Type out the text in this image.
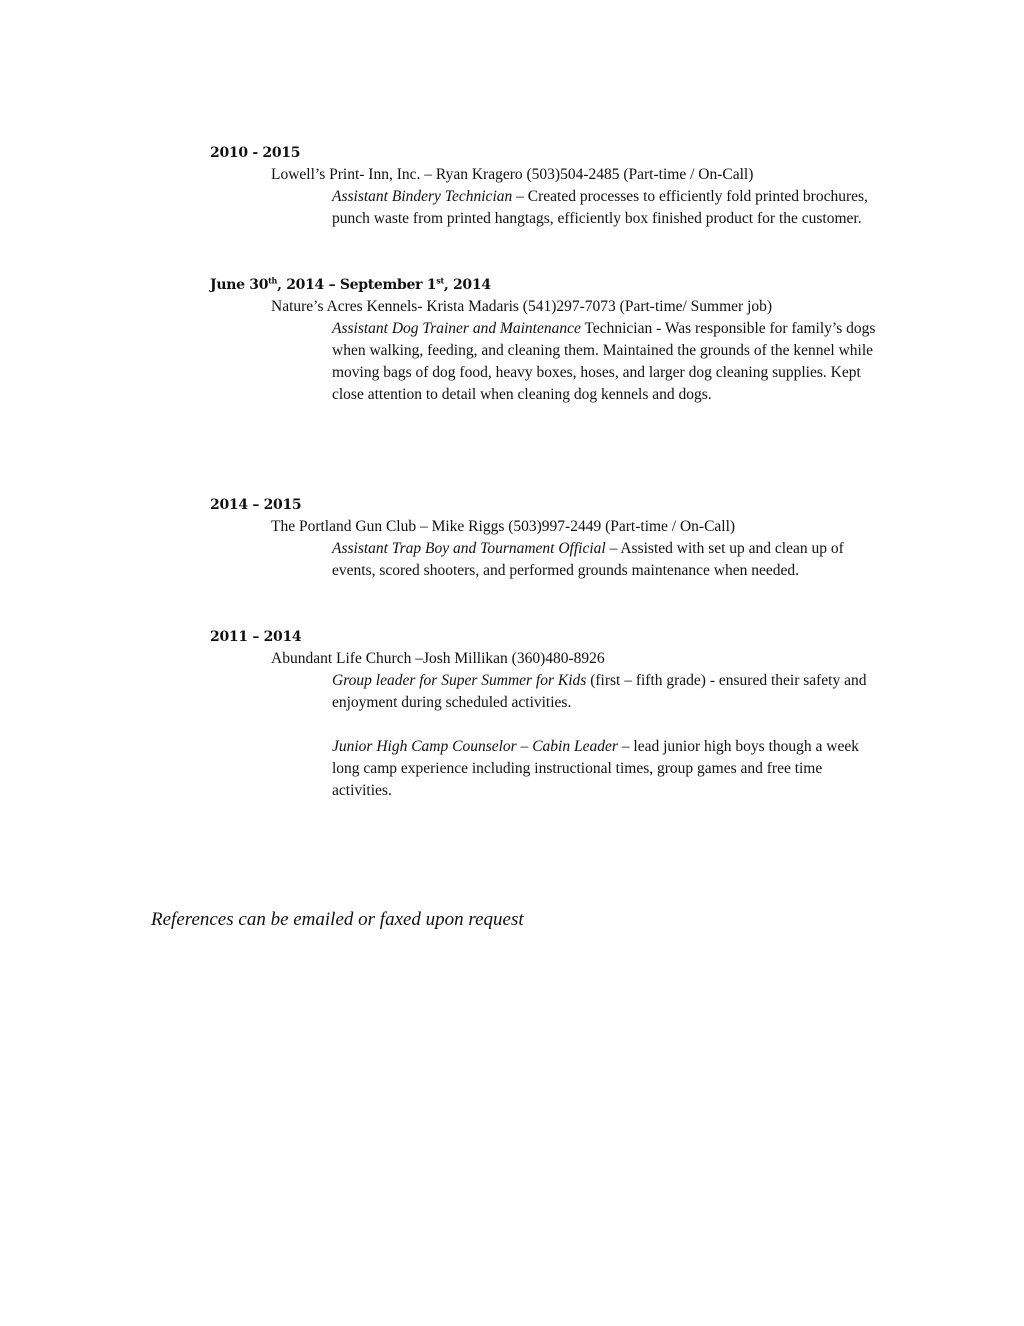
2010 - 2015
Lowell’s Print- Inn, Inc. – Ryan Kragero (503)504-2485 (Part-time / On-Call)
Assistant Bindery Technician – Created processes to efficiently fold printed brochures, punch waste from printed hangtags, efficiently box finished product for the customer.
June 30th, 2014 – September 1st, 2014
Nature’s Acres Kennels- Krista Madaris (541)297-7073 (Part-time/ Summer job)
Assistant Dog Trainer and Maintenance Technician - Was responsible for family’s dogs when walking, feeding, and cleaning them. Maintained the grounds of the kennel while moving bags of dog food, heavy boxes, hoses, and larger dog cleaning supplies. Kept close attention to detail when cleaning dog kennels and dogs.
2014 – 2015
The Portland Gun Club – Mike Riggs (503)997-2449 (Part-time / On-Call)
Assistant Trap Boy and Tournament Official – Assisted with set up and clean up of events, scored shooters, and performed grounds maintenance when needed.
2011 – 2014
Abundant Life Church –Josh Millikan (360)480-8926
Group leader for Super Summer for Kids (first – fifth grade) - ensured their safety and enjoyment during scheduled activities.
Junior High Camp Counselor – Cabin Leader – lead junior high boys though a week long camp experience including instructional times, group games and free time activities.
References can be emailed or faxed upon request
